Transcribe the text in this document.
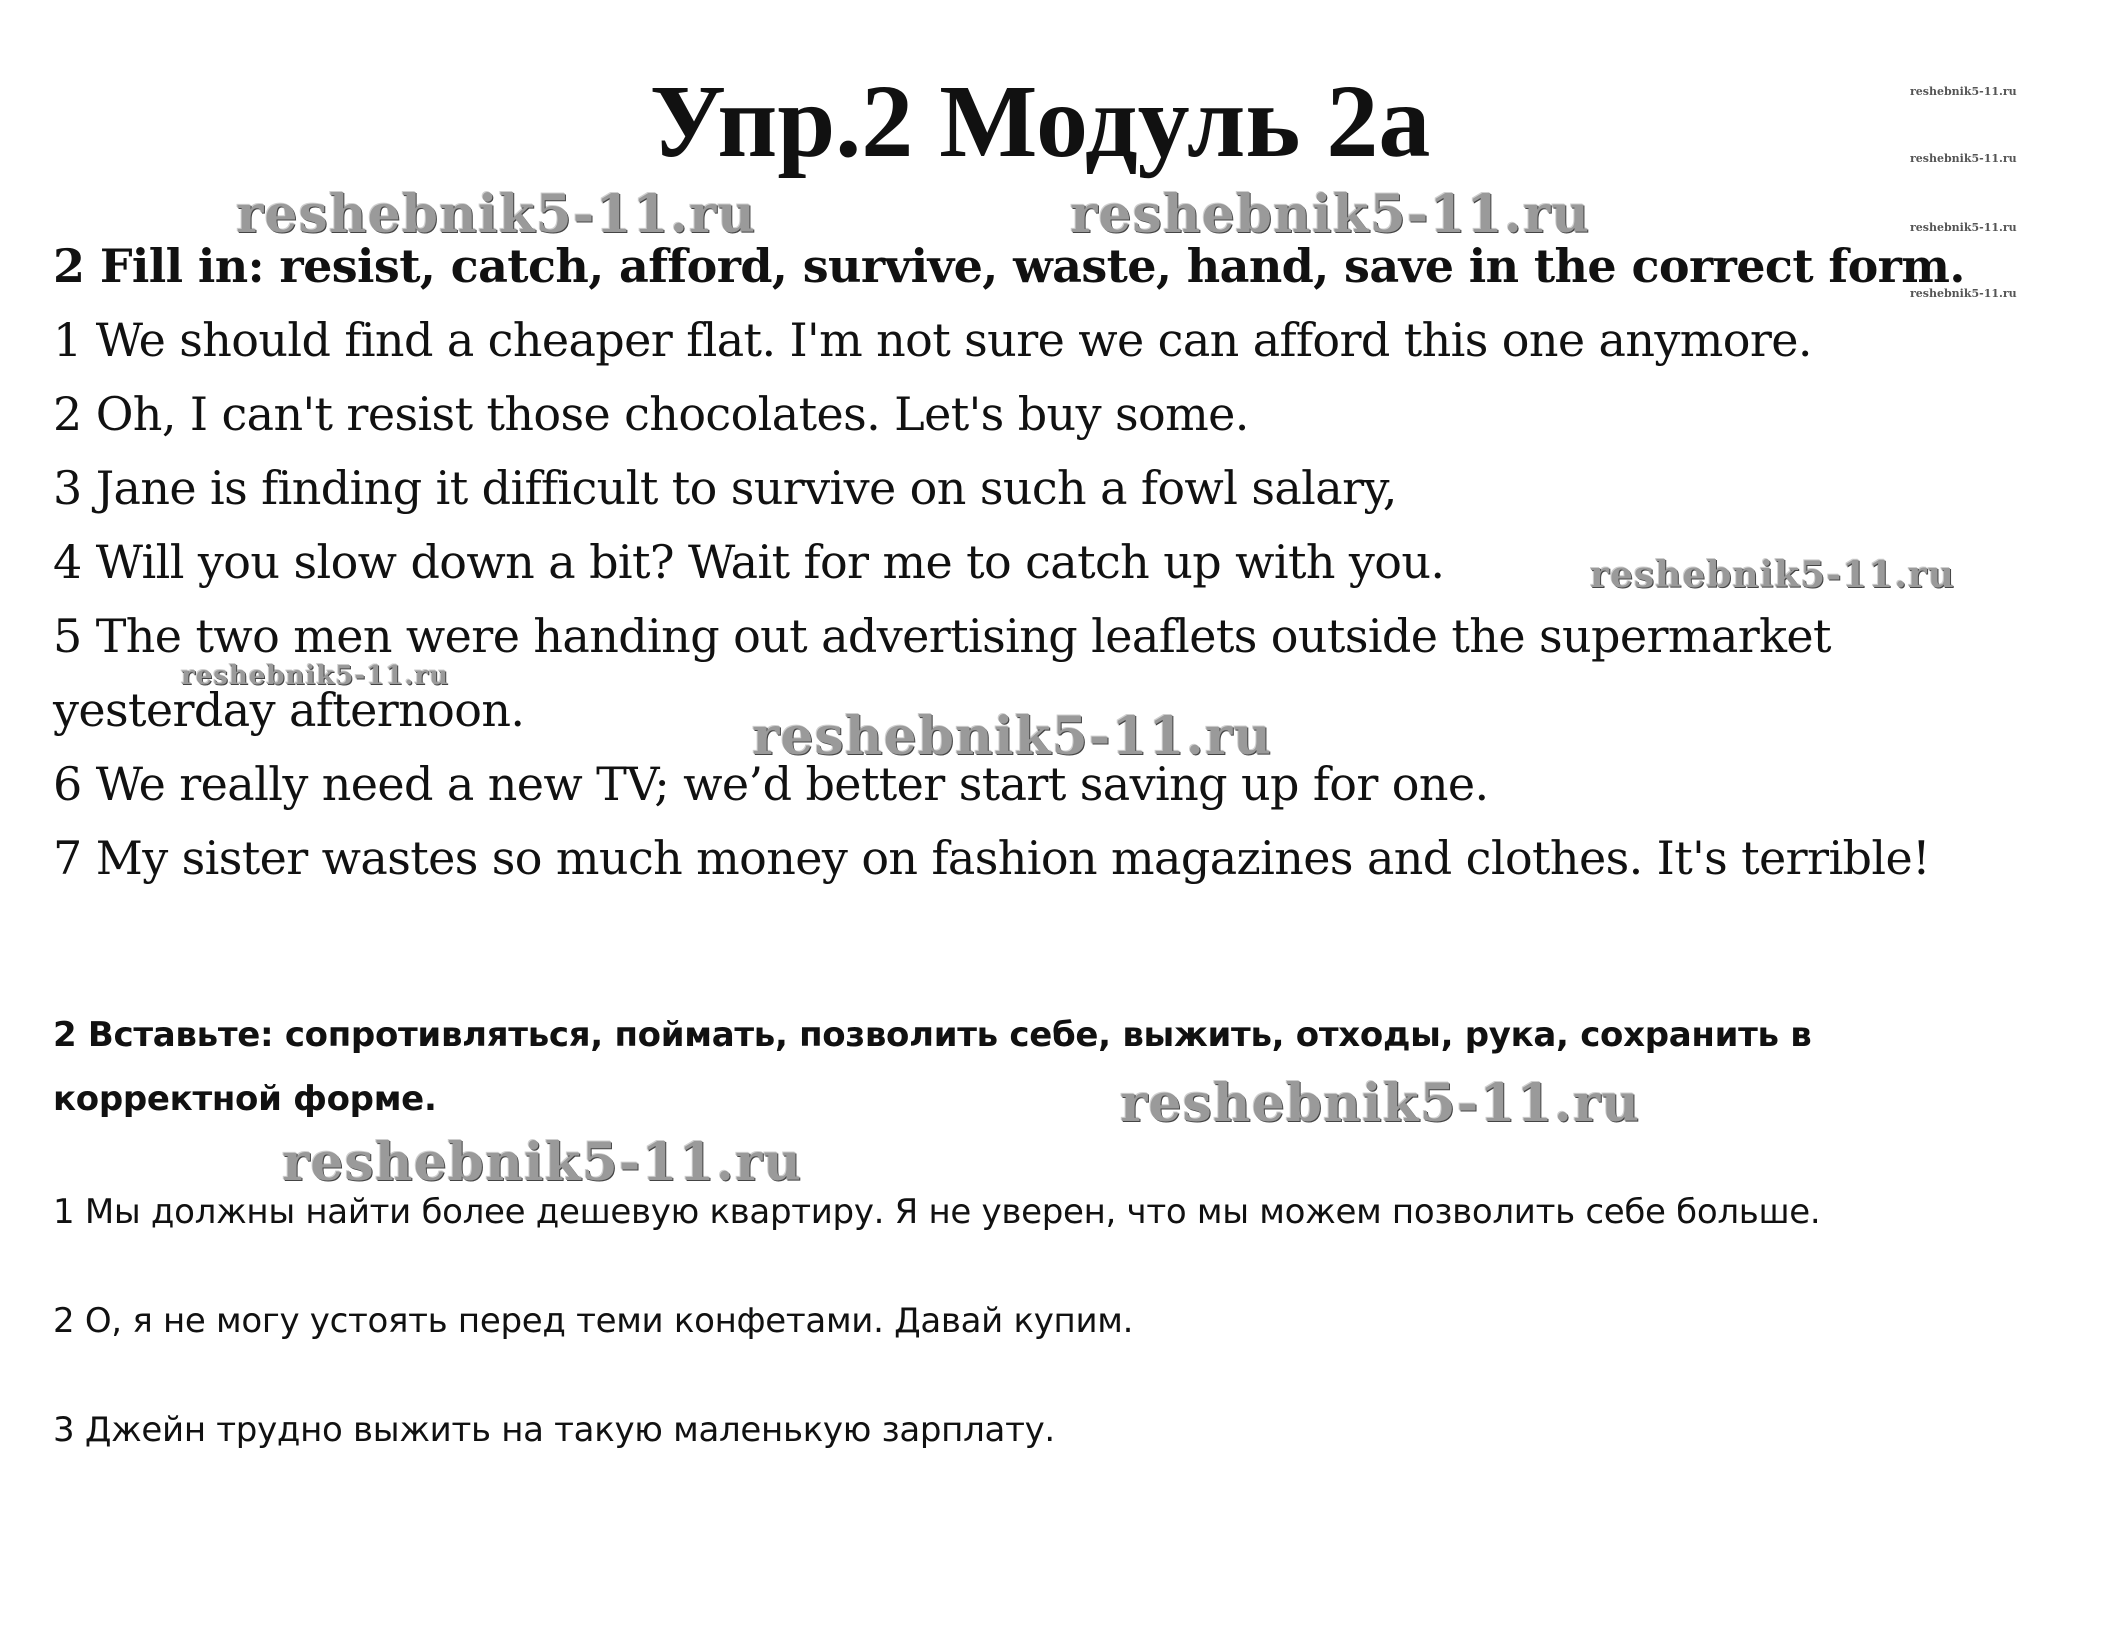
Упр.2 Модуль 2a
reshebnik5-11.ru	reshebnik5-11.ru
reshebnik5-11.ru
reshebnik5-11.ru
reshebnik5-11.ru
reshebnik5-11.ru
reshebnik5-11.ru
reshebnik5-11.ru
reshebnik5-11.ru
reshebnik5-11.ru
reshebnik5-11.ru
2 Fill in: resist, catch, afford, survive, waste, hand, save in the correct form.
1 We should find a cheaper flat. I'm not sure we can afford this one anymore.
2 Oh, I can't resist those chocolates. Let's buy some.
3 Jane is finding it difficult to survive on such a fowl salary,
4 Will you slow down a bit? Wait for me to catch up with you.
5 The two men were handing out advertising leaflets outside the supermarket
yesterday afternoon.
6 We really need a new TV; we’d better start saving up for one.
7 My sister wastes so much money on fashion magazines and clothes. It's terrible!
2 Вставьте: сопротивляться, поймать, позволить себе, выжить, отходы, рука, сохранить в корректной форме.
1 Мы должны найти более дешевую квартиру. Я не уверен, что мы можем позволить себе больше.
2 О, я не могу устоять перед теми конфетами. Давай купим.
3 Джейн трудно выжить на такую маленькую зарплату.
